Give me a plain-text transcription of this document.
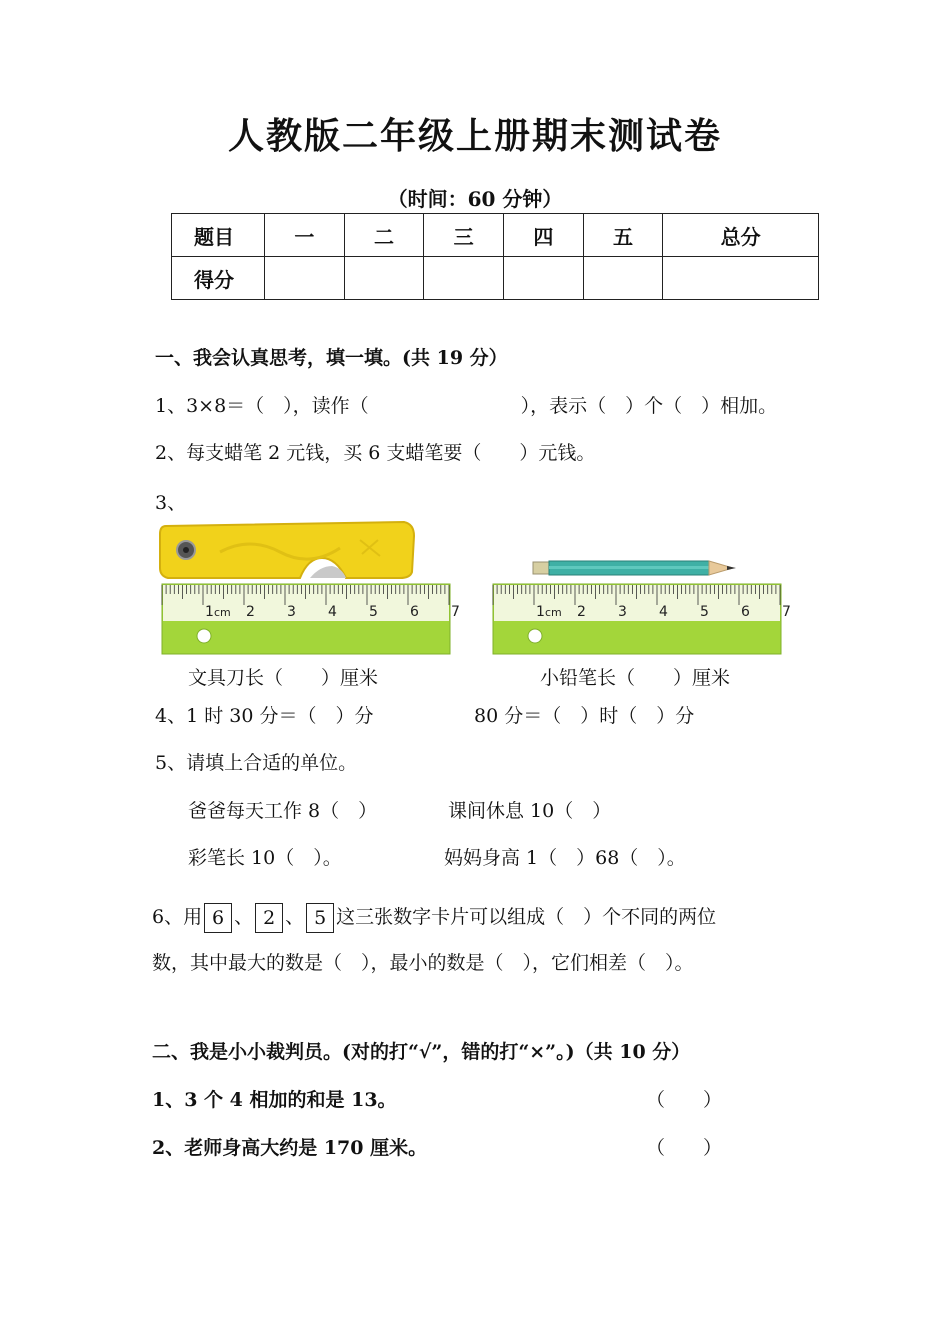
人教版二年级上册期末测试卷
（时间：60 分钟）
题目	一	二	三	四	五	总分
得分						
一、我会认真思考，填一填。(共 19 分）
1、3×8＝（　），读作（　　　　　　　　），表示（　）个（　）相加。
2、每支蜡笔 2 元钱，买 6 支蜡笔要（　　）元钱。
3、
1 cm 2 3 4 5 6 7	1 cm 2 3 4 5 6 7
文具刀长（　　）厘米	小铅笔长（　　）厘米
4、1 时 30 分＝（　）分	80 分＝（　）时（　）分
5、请填上合适的单位。
爸爸每天工作 8（　）	课间休息 10（　）
彩笔长 10（　）。	妈妈身高 1（　）68（　）。
6、用 6 、 2 、 5 这三张数字卡片可以组成（　）个不同的两位
数，其中最大的数是（　），最小的数是（　），它们相差（　）。
二、我是小小裁判员。(对的打“√”，错的打“×”。)（共 10 分）
1、3 个 4 相加的和是 13。	（　　）
2、老师身高大约是 170 厘米。	（　　）
